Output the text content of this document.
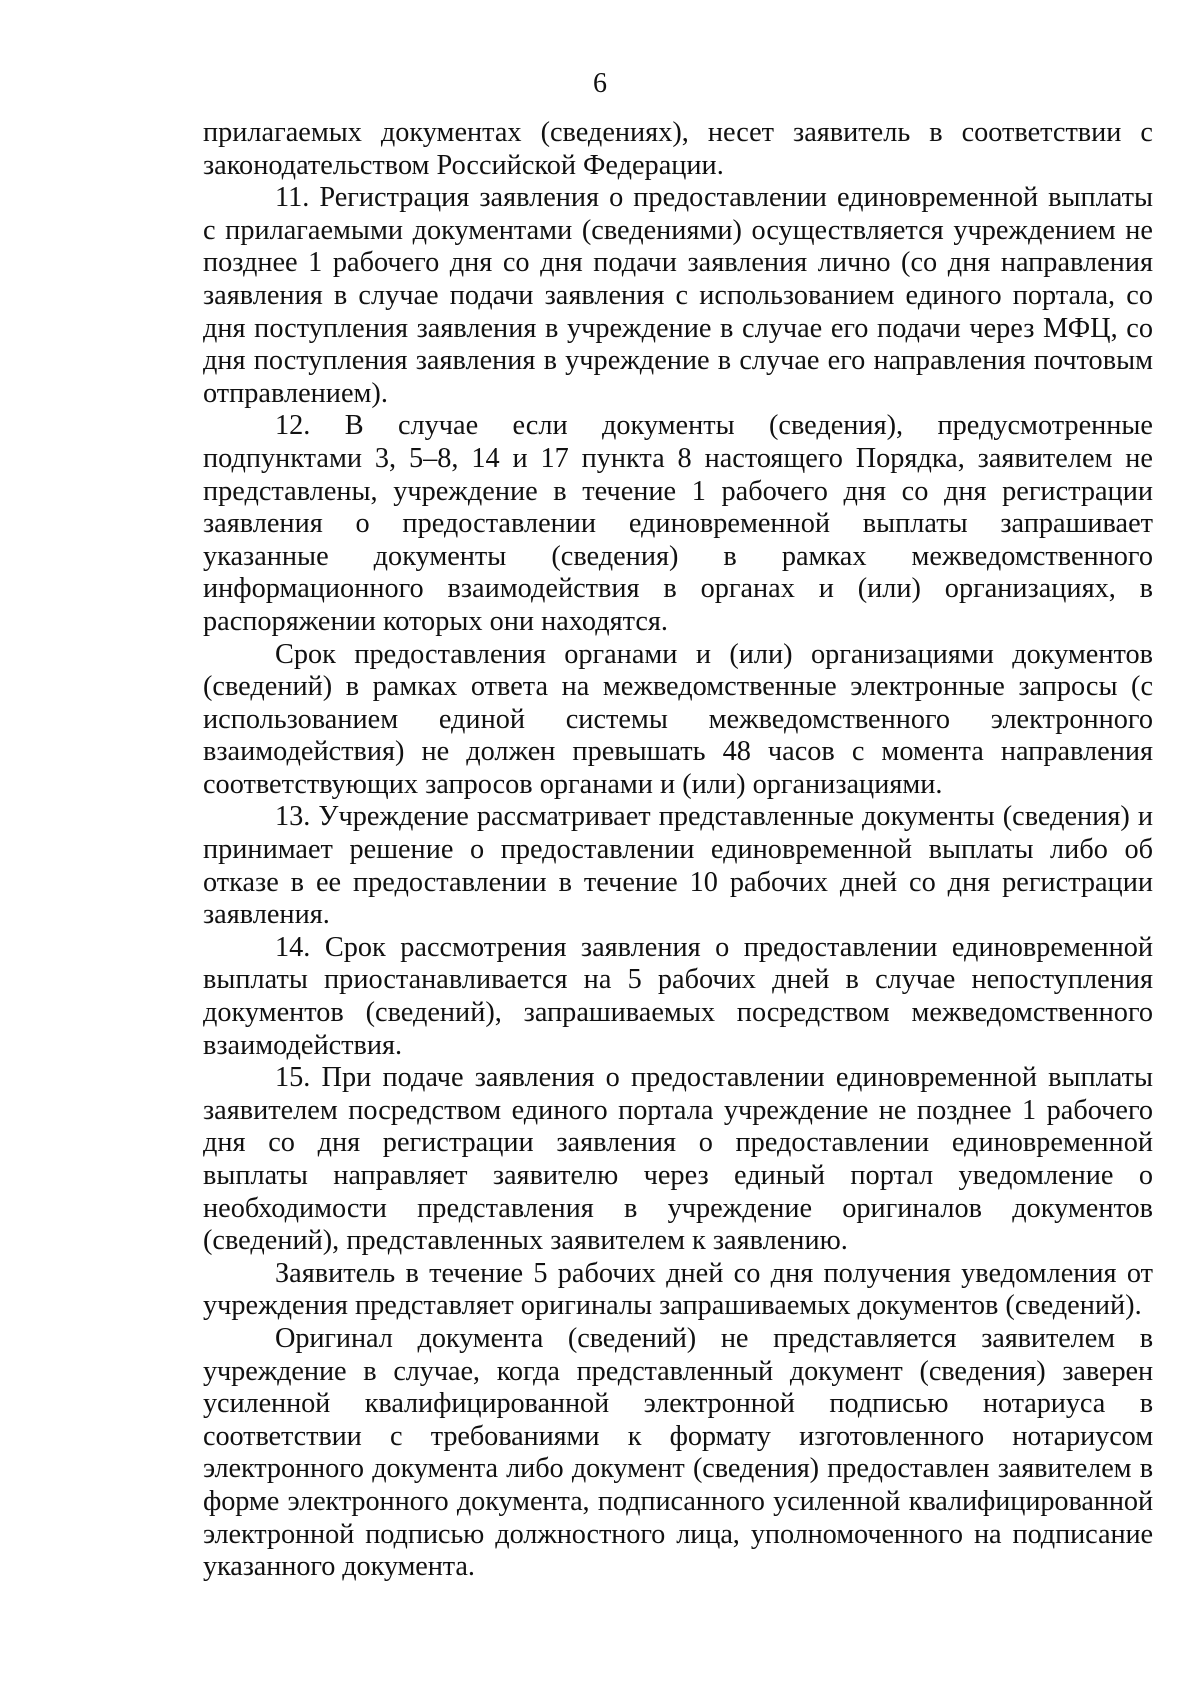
6

прилагаемых документах (сведениях), несет заявитель в соответствии с законодательством Российской Федерации.

11. Регистрация заявления о предоставлении единовременной выплаты с прилагаемыми документами (сведениями) осуществляется учреждением не позднее 1 рабочего дня со дня подачи заявления лично (со дня направления заявления в случае подачи заявления с использованием единого портала, со дня поступления заявления в учреждение в случае его подачи через МФЦ, со дня поступления заявления в учреждение в случае его направления почтовым отправлением).

12. В случае если документы (сведения), предусмотренные подпунктами 3, 5–8, 14 и 17 пункта 8 настоящего Порядка, заявителем не представлены, учреждение в течение 1 рабочего дня со дня регистрации заявления о предоставлении единовременной выплаты запрашивает указанные документы (сведения) в рамках межведомственного информационного взаимодействия в органах и (или) организациях, в распоряжении которых они находятся.

Срок предоставления органами и (или) организациями документов (сведений) в рамках ответа на межведомственные электронные запросы (с использованием единой системы межведомственного электронного взаимодействия) не должен превышать 48 часов с момента направления соответствующих запросов органами и (или) организациями.

13. Учреждение рассматривает представленные документы (сведения) и принимает решение о предоставлении единовременной выплаты либо об отказе в ее предоставлении в течение 10 рабочих дней со дня регистрации заявления.

14. Срок рассмотрения заявления о предоставлении единовременной выплаты приостанавливается на 5 рабочих дней в случае непоступления документов (сведений), запрашиваемых посредством межведомственного взаимодействия.

15. При подаче заявления о предоставлении единовременной выплаты заявителем посредством единого портала учреждение не позднее 1 рабочего дня со дня регистрации заявления о предоставлении единовременной выплаты направляет заявителю через единый портал уведомление о необходимости представления в учреждение оригиналов документов (сведений), представленных заявителем к заявлению.

Заявитель в течение 5 рабочих дней со дня получения уведомления от учреждения представляет оригиналы запрашиваемых документов (сведений).

Оригинал документа (сведений) не представляется заявителем в учреждение в случае, когда представленный документ (сведения) заверен усиленной квалифицированной электронной подписью нотариуса в соответствии с требованиями к формату изготовленного нотариусом электронного документа либо документ (сведения) предоставлен заявителем в форме электронного документа, подписанного усиленной квалифицированной электронной подписью должностного лица, уполномоченного на подписание указанного документа.
